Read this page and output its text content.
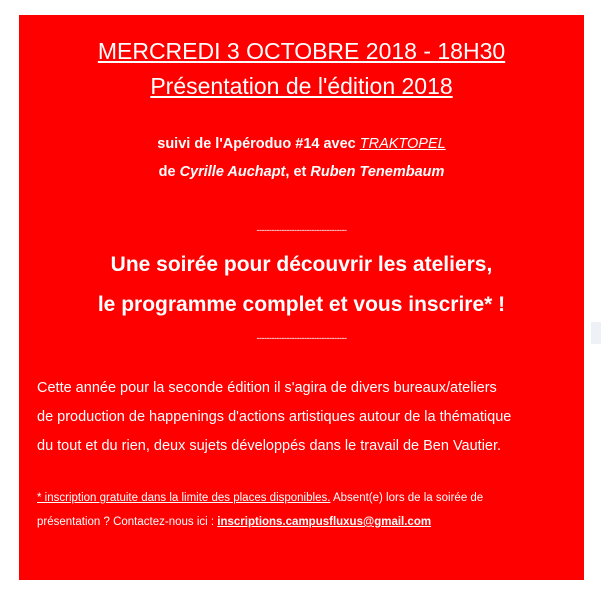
MERCREDI 3 OCTOBRE 2018 - 18H30
Présentation de l'édition 2018
suivi de l'Apéroduo #14 avec TRAKTOPEL
de Cyrille Auchapt, et Ruben Tenembaum
------------------------------------
Une soirée pour découvrir les ateliers,
le programme complet et vous inscrire* !
------------------------------------
Cette année pour la seconde édition il s'agira de divers bureaux/ateliers
de production de happenings d'actions artistiques autour de la thématique
du tout et du rien, deux sujets développés dans le travail de Ben Vautier.
* inscription gratuite dans la limite des places disponibles. Absent(e) lors de la soirée de
présentation ? Contactez-nous ici : inscriptions.campusfluxus@gmail.com
